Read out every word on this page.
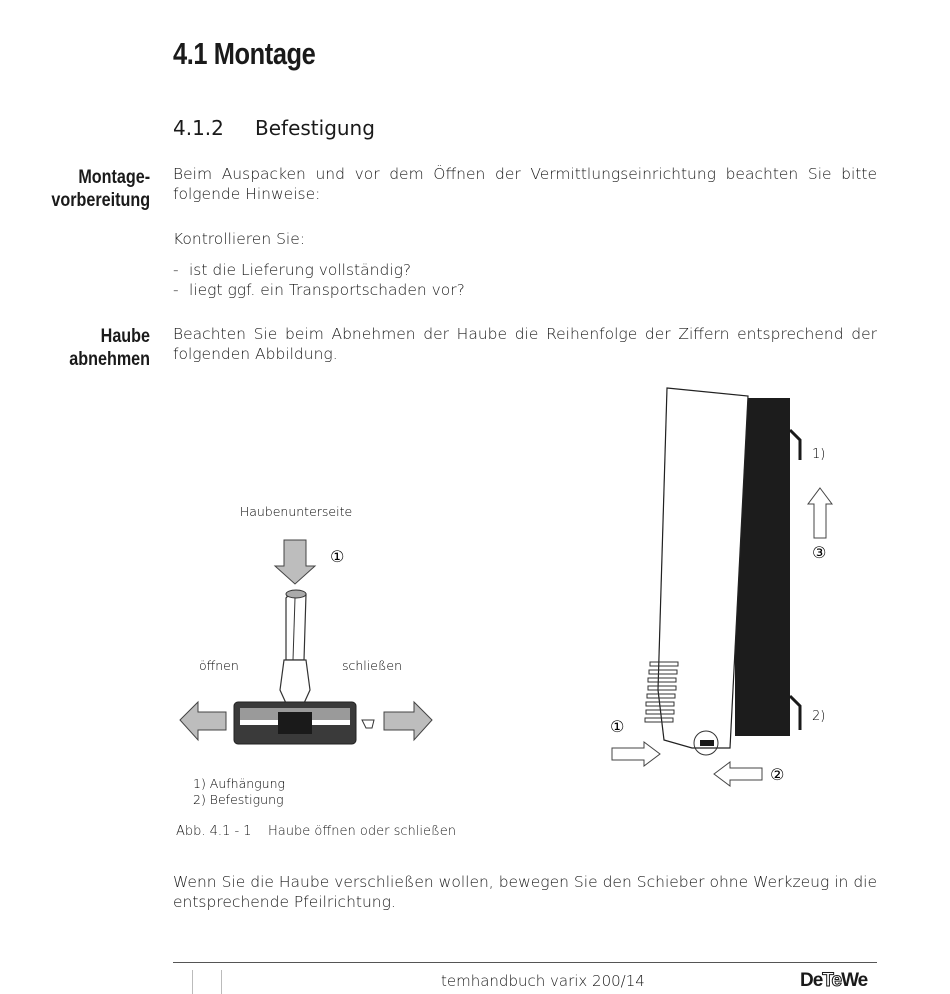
4.1 Montage
4.1.2 Befestigung
Montage-
vorbereitung
Haube
abnehmen
Beim Auspacken und vor dem Öffnen der Vermittlungseinrichtung beachten Sie bitte folgende Hinweise:
Kontrollieren Sie:
- ist die Lieferung vollständig?
- liegt ggf. ein Transportschaden vor?
Beachten Sie beim Abnehmen der Haube die Reihenfolge der Ziffern entsprechend der folgenden Abbildung.
Haubenunterseite
①
öffnen	schließen
1) Aufhängung
2) Befestigung
1)
2)
③
①
②
Abb. 4.1 - 1 Haube öffnen oder schließen
Wenn Sie die Haube verschließen wollen, bewegen Sie den Schieber ohne Werkzeug in die entsprechende Pfeilrichtung.
temhandbuch varix 200/14	DeTeWe
